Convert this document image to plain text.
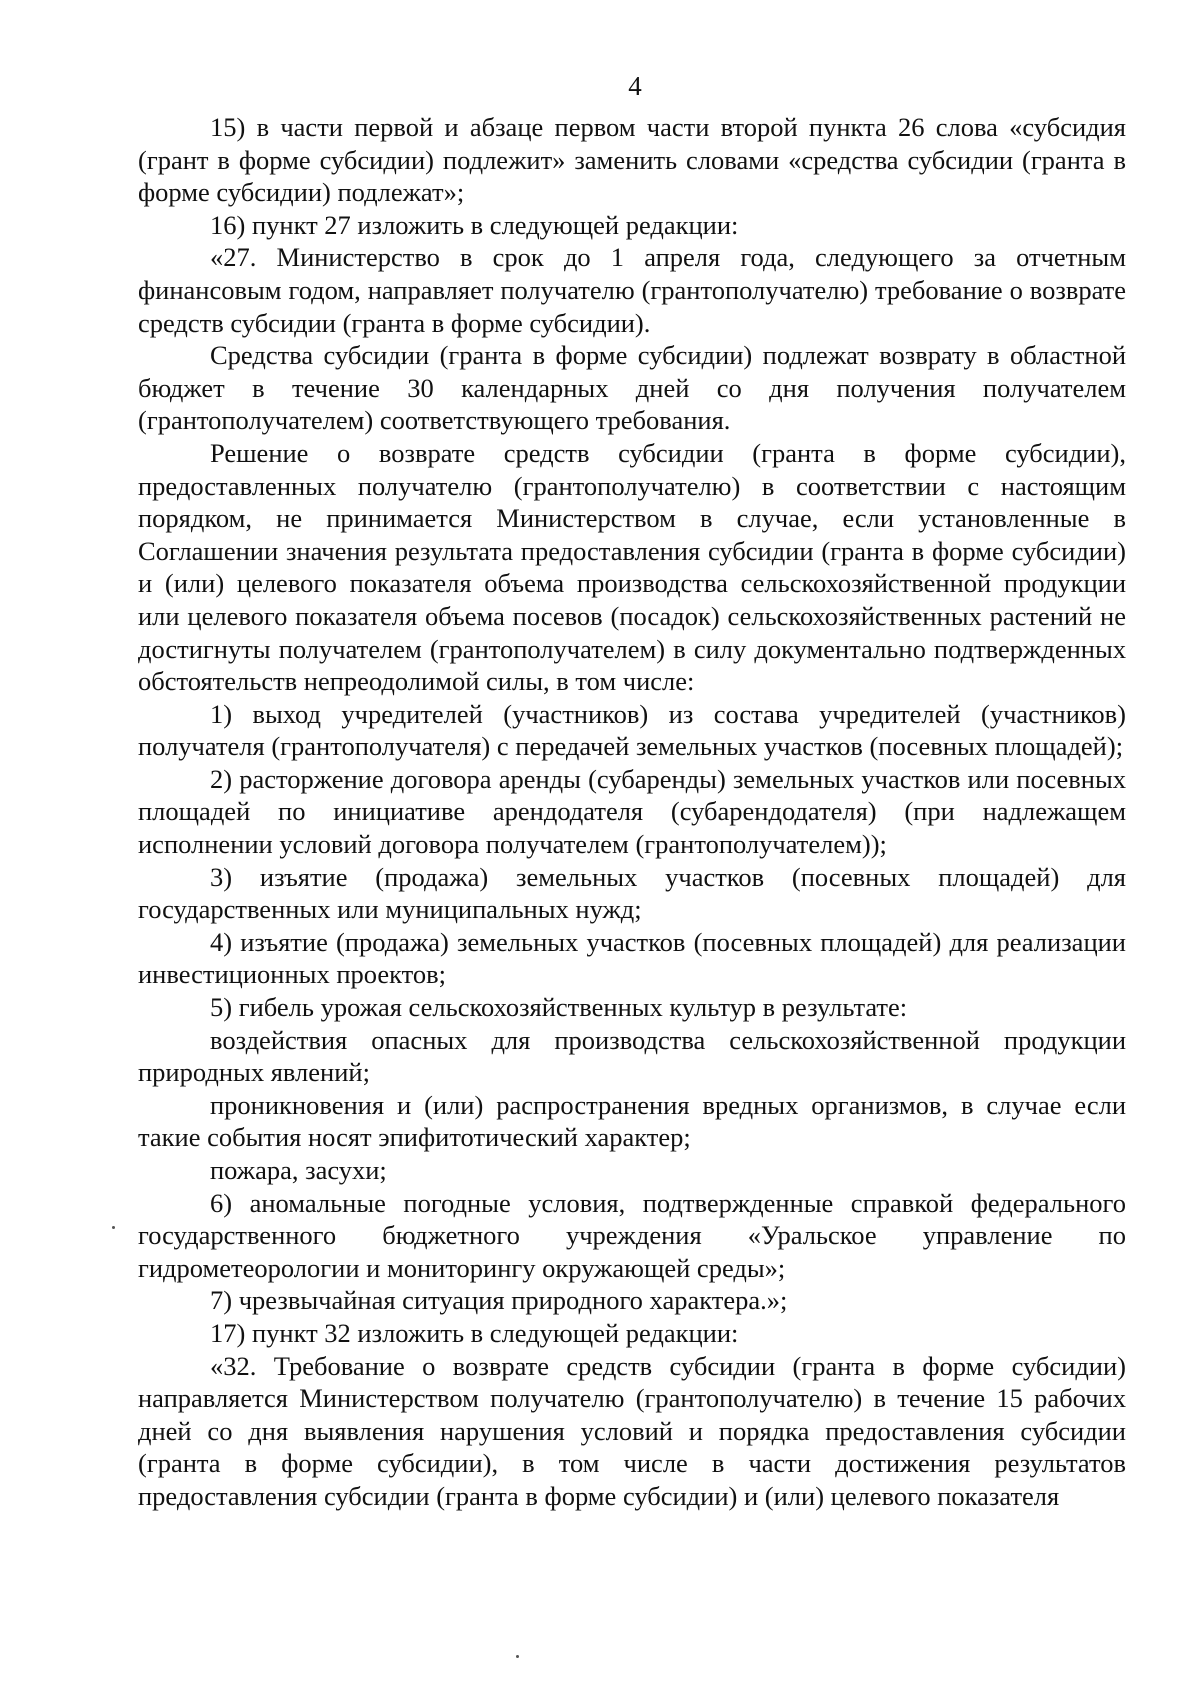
4

15) в части первой и абзаце первом части второй пункта 26 слова «субсидия (грант в форме субсидии) подлежит» заменить словами «средства субсидии (гранта в форме субсидии) подлежат»;

16) пункт 27 изложить в следующей редакции:

«27. Министерство в срок до 1 апреля года, следующего за отчетным финансовым годом, направляет получателю (грантополучателю) требование о возврате средств субсидии (гранта в форме субсидии).

Средства субсидии (гранта в форме субсидии) подлежат возврату в областной бюджет в течение 30 календарных дней со дня получения получателем (грантополучателем) соответствующего требования.

Решение о возврате средств субсидии (гранта в форме субсидии), предоставленных получателю (грантополучателю) в соответствии с настоящим порядком, не принимается Министерством в случае, если установленные в Соглашении значения результата предоставления субсидии (гранта в форме субсидии) и (или) целевого показателя объема производства сельскохозяйственной продукции или целевого показателя объема посевов (посадок) сельскохозяйственных растений не достигнуты получателем (грантополучателем) в силу документально подтвержденных обстоятельств непреодолимой силы, в том числе:

1) выход учредителей (участников) из состава учредителей (участников) получателя (грантополучателя) с передачей земельных участков (посевных площадей);

2) расторжение договора аренды (субаренды) земельных участков или посевных площадей по инициативе арендодателя (субарендодателя) (при надлежащем исполнении условий договора получателем (грантополучателем));

3) изъятие (продажа) земельных участков (посевных площадей) для государственных или муниципальных нужд;

4) изъятие (продажа) земельных участков (посевных площадей) для реализации инвестиционных проектов;

5) гибель урожая сельскохозяйственных культур в результате:

воздействия опасных для производства сельскохозяйственной продукции природных явлений;

проникновения и (или) распространения вредных организмов, в случае если такие события носят эпифитотический характер;

пожара, засухи;

6) аномальные погодные условия, подтвержденные справкой федерального государственного бюджетного учреждения «Уральское управление по гидрометеорологии и мониторингу окружающей среды»;

7) чрезвычайная ситуация природного характера.»;

17) пункт 32 изложить в следующей редакции:

«32. Требование о возврате средств субсидии (гранта в форме субсидии) направляется Министерством получателю (грантополучателю) в течение 15 рабочих дней со дня выявления нарушения условий и порядка предоставления субсидии (гранта в форме субсидии), в том числе в части достижения результатов предоставления субсидии (гранта в форме субсидии) и (или) целевого показателя
